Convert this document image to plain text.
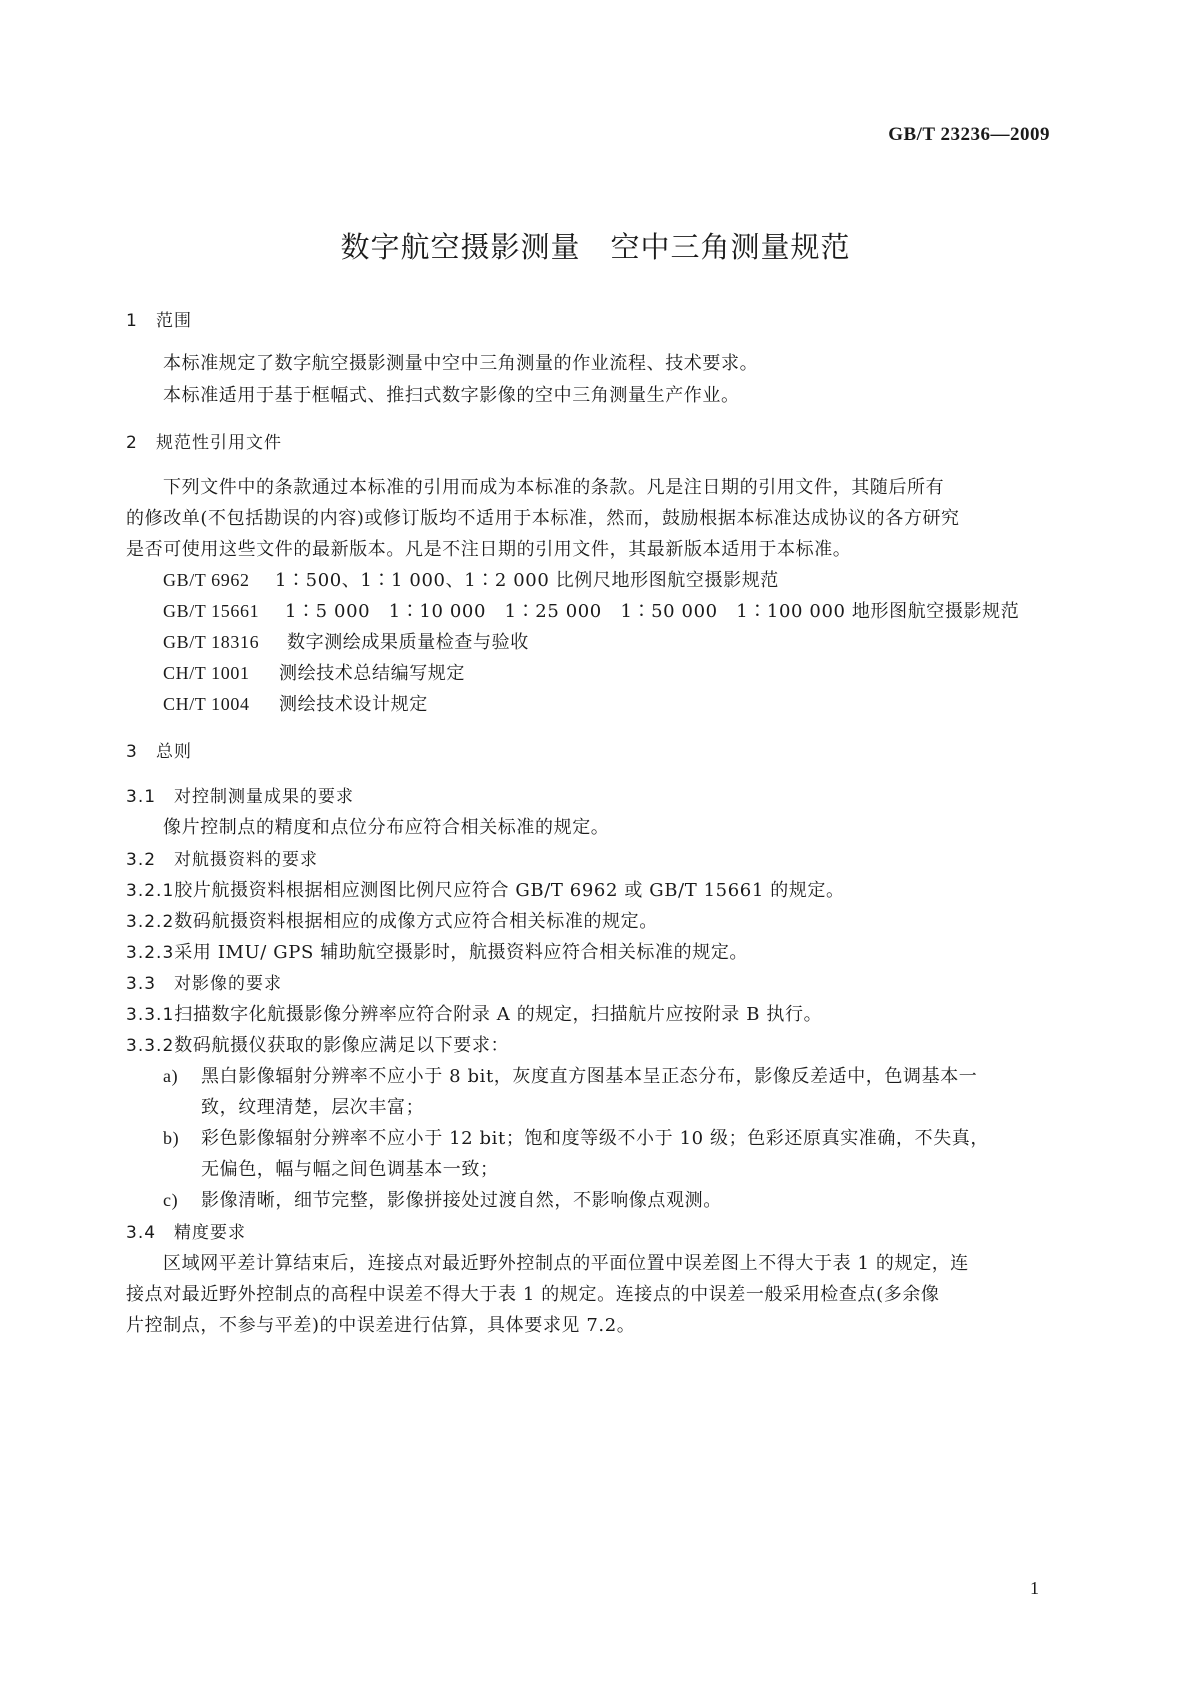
GB/T 23236—2009
数字航空摄影测量　空中三角测量规范
1 范围
本标准规定了数字航空摄影测量中空中三角测量的作业流程、技术要求。
本标准适用于基于框幅式、推扫式数字影像的空中三角测量生产作业。
2 规范性引用文件
下列文件中的条款通过本标准的引用而成为本标准的条款。凡是注日期的引用文件，其随后所有
的修改单(不包括勘误的内容)或修订版均不适用于本标准，然而，鼓励根据本标准达成协议的各方研究
是否可使用这些文件的最新版本。凡是不注日期的引用文件，其最新版本适用于本标准。
GB/T 6962 1∶500、1∶1 000、1∶2 000 比例尺地形图航空摄影规范
GB/T 15661 1∶5 000　1∶10 000　1∶25 000　1∶50 000　1∶100 000 地形图航空摄影规范
GB/T 18316 数字测绘成果质量检查与验收
CH/T 1001 测绘技术总结编写规定
CH/T 1004 测绘技术设计规定
3 总则
3.1 对控制测量成果的要求
像片控制点的精度和点位分布应符合相关标准的规定。
3.2 对航摄资料的要求
3.2.1胶片航摄资料根据相应测图比例尺应符合 GB/T 6962 或 GB/T 15661 的规定。
3.2.2数码航摄资料根据相应的成像方式应符合相关标准的规定。
3.2.3采用 IMU/ GPS 辅助航空摄影时，航摄资料应符合相关标准的规定。
3.3 对影像的要求
3.3.1扫描数字化航摄影像分辨率应符合附录 A 的规定，扫描航片应按附录 B 执行。
3.3.2数码航摄仪获取的影像应满足以下要求：
a) 黑白影像辐射分辨率不应小于 8 bit，灰度直方图基本呈正态分布，影像反差适中，色调基本一
致，纹理清楚，层次丰富；
b) 彩色影像辐射分辨率不应小于 12 bit；饱和度等级不小于 10 级；色彩还原真实准确，不失真，
无偏色，幅与幅之间色调基本一致；
c) 影像清晰，细节完整，影像拼接处过渡自然，不影响像点观测。
3.4 精度要求
区域网平差计算结束后，连接点对最近野外控制点的平面位置中误差图上不得大于表 1 的规定，连
接点对最近野外控制点的高程中误差不得大于表 1 的规定。连接点的中误差一般采用检查点(多余像
片控制点，不参与平差)的中误差进行估算，具体要求见 7.2。
1
